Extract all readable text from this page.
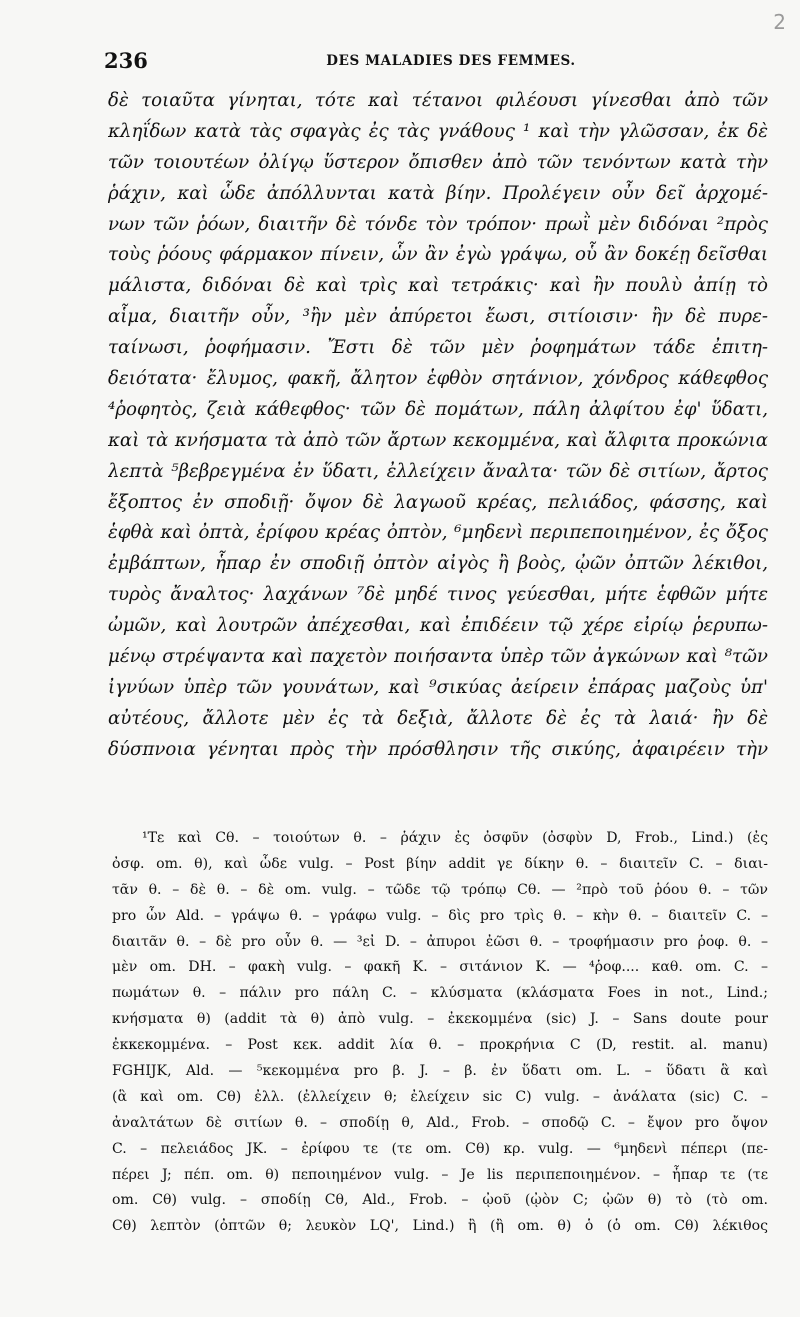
2
236	DES MALADIES DES FEMMES.
δὲ τοιαῦτα γίνηται, τότε καὶ τέτανοι φιλέουσι γίνεσθαι ἀπὸ τῶν
κληΐδων κατὰ τὰς σφαγὰς ἐς τὰς γνάθους ¹ καὶ τὴν γλῶσσαν, ἐκ δὲ
τῶν τοιουτέων ὀλίγῳ ὕστερον ὄπισθεν ἀπὸ τῶν τενόντων κατὰ τὴν
ῥάχιν, καὶ ὧδε ἀπόλλυνται κατὰ βίην. Προλέγειν οὖν δεῖ ἀρχομέ-
νων τῶν ῥόων, διαιτῆν δὲ τόνδε τὸν τρόπον· πρωῒ μὲν διδόναι ²πρὸς
τοὺς ῥόους φάρμακον πίνειν, ὧν ἂν ἐγὼ γράψω, οὗ ἂν δοκέῃ δεῖσθαι
μάλιστα, διδόναι δὲ καὶ τρὶς καὶ τετράκις· καὶ ἢν πουλὺ ἀπίῃ τὸ
αἷμα, διαιτῆν οὖν, ³ἢν μὲν ἀπύρετοι ἔωσι, σιτίοισιν· ἢν δὲ πυρε-
ταίνωσι, ῥοφήμασιν. Ἔστι δὲ τῶν μὲν ῥοφημάτων τάδε ἐπιτη-
δειότατα· ἔλυμος, φακῆ, ἄλητον ἑφθὸν σητάνιον, χόνδρος κάθεφθος
⁴ῥοφητὸς, ζειὰ κάθεφθος· τῶν δὲ πομάτων, πάλη ἀλφίτου ἐφ' ὕδατι,
καὶ τὰ κνήσματα τὰ ἀπὸ τῶν ἄρτων κεκομμένα, καὶ ἄλφιτα προκώνια
λεπτὰ ⁵βεβρεγμένα ἐν ὕδατι, ἐλλείχειν ἄναλτα· τῶν δὲ σιτίων, ἄρτος
ἔξοπτος ἐν σποδιῇ· ὄψον δὲ λαγωοῦ κρέας, πελιάδος, φάσσης, καὶ
ἑφθὰ καὶ ὀπτὰ, ἐρίφου κρέας ὀπτὸν, ⁶μηδενὶ περιπεποιημένον, ἐς ὄξος
ἐμβάπτων, ἧπαρ ἐν σποδιῇ ὀπτὸν αἰγὸς ἢ βοὸς, ᾠῶν ὀπτῶν λέκιθοι,
τυρὸς ἄναλτος· λαχάνων ⁷δὲ μηδέ τινος γεύεσθαι, μήτε ἑφθῶν μήτε
ὠμῶν, καὶ λουτρῶν ἀπέχεσθαι, καὶ ἐπιδέειν τῷ χέρε εἰρίῳ ῥερυπω-
μένῳ στρέψαντα καὶ παχετὸν ποιήσαντα ὑπὲρ τῶν ἀγκώνων καὶ ⁸τῶν
ἰγνύων ὑπὲρ τῶν γουνάτων, καὶ ⁹σικύας ἀείρειν ἐπάρας μαζοὺς ὑπ'
αὐτέους, ἄλλοτε μὲν ἐς τὰ δεξιὰ, ἄλλοτε δὲ ἐς τὰ λαιά· ἢν δὲ
δύσπνοια γένηται πρὸς τὴν πρόσθλησιν τῆς σικύης, ἀφαιρέειν τὴν
¹Τε καὶ Cθ. – τοιούτων θ. – ῥάχιν ἐς ὀσφῦν (ὀσφὺν D, Frob., Lind.) (ἐς
ὀσφ. om. θ), καὶ ὧδε vulg. – Post βίην addit γε δίκην θ. – διαιτεῖν C. – διαι-
τᾶν θ. – δὲ θ. – δὲ om. vulg. – τῶδε τῷ τρόπῳ Cθ. — ²πρὸ τοῦ ῥόου θ. – τῶν
pro ὧν Ald. – γράψω θ. – γράφω vulg. – δὶς pro τρὶς θ. – κὴν θ. – διαιτεῖν C. –
διαιτᾶν θ. – δὲ pro οὖν θ. — ³εἰ D. – ἀπυροι ἐῶσι θ. – τροφήμασιν pro ῥοφ. θ. –
μὲν om. DH. – φακὴ vulg. – φακῆ K. – σιτάνιον K. — ⁴ῥοφ.... καθ. om. C. –
πωμάτων θ. – πάλιν pro πάλη C. – κλύσματα (κλάσματα Foes in not., Lind.;
κνήσματα θ) (addit τὰ θ) ἀπὸ vulg. – ἐκεκομμένα (sic) J. – Sans doute pour
ἐκκεκομμένα. – Post κεκ. addit λία θ. – προκρήνια C (D, restit. al. manu)
FGHIJK, Ald. — ⁵κεκομμένα pro β. J. – β. ἐν ὕδατι om. L. – ὕδατι ἃ καὶ
(ἃ καὶ om. Cθ) ἐλλ. (ἐλλείχειν θ; ἐλείχειν sic C) vulg. – ἀνάλατα (sic) C. –
ἀναλτάτων δὲ σιτίων θ. – σποδίῃ θ, Ald., Frob. – σποδῷ C. – ἔψον pro ὄψον
C. – πελειάδος JK. – ἐρίφου τε (τε om. Cθ) κρ. vulg. — ⁶μηδενὶ πέπερι (πε-
πέρει J; πέπ. om. θ) πεποιημένον vulg. – Je lis περιπεποιημένον. – ἧπαρ τε (τε
om. Cθ) vulg. – σποδίῃ Cθ, Ald., Frob. – ᾠοῦ (ᾠὸν C; ᾠῶν θ) τὸ (τὸ om.
Cθ) λεπτὸν (ὀπτῶν θ; λευκὸν LQ', Lind.) ἢ (ἢ om. θ) ὁ (ὁ om. Cθ) λέκιθος
